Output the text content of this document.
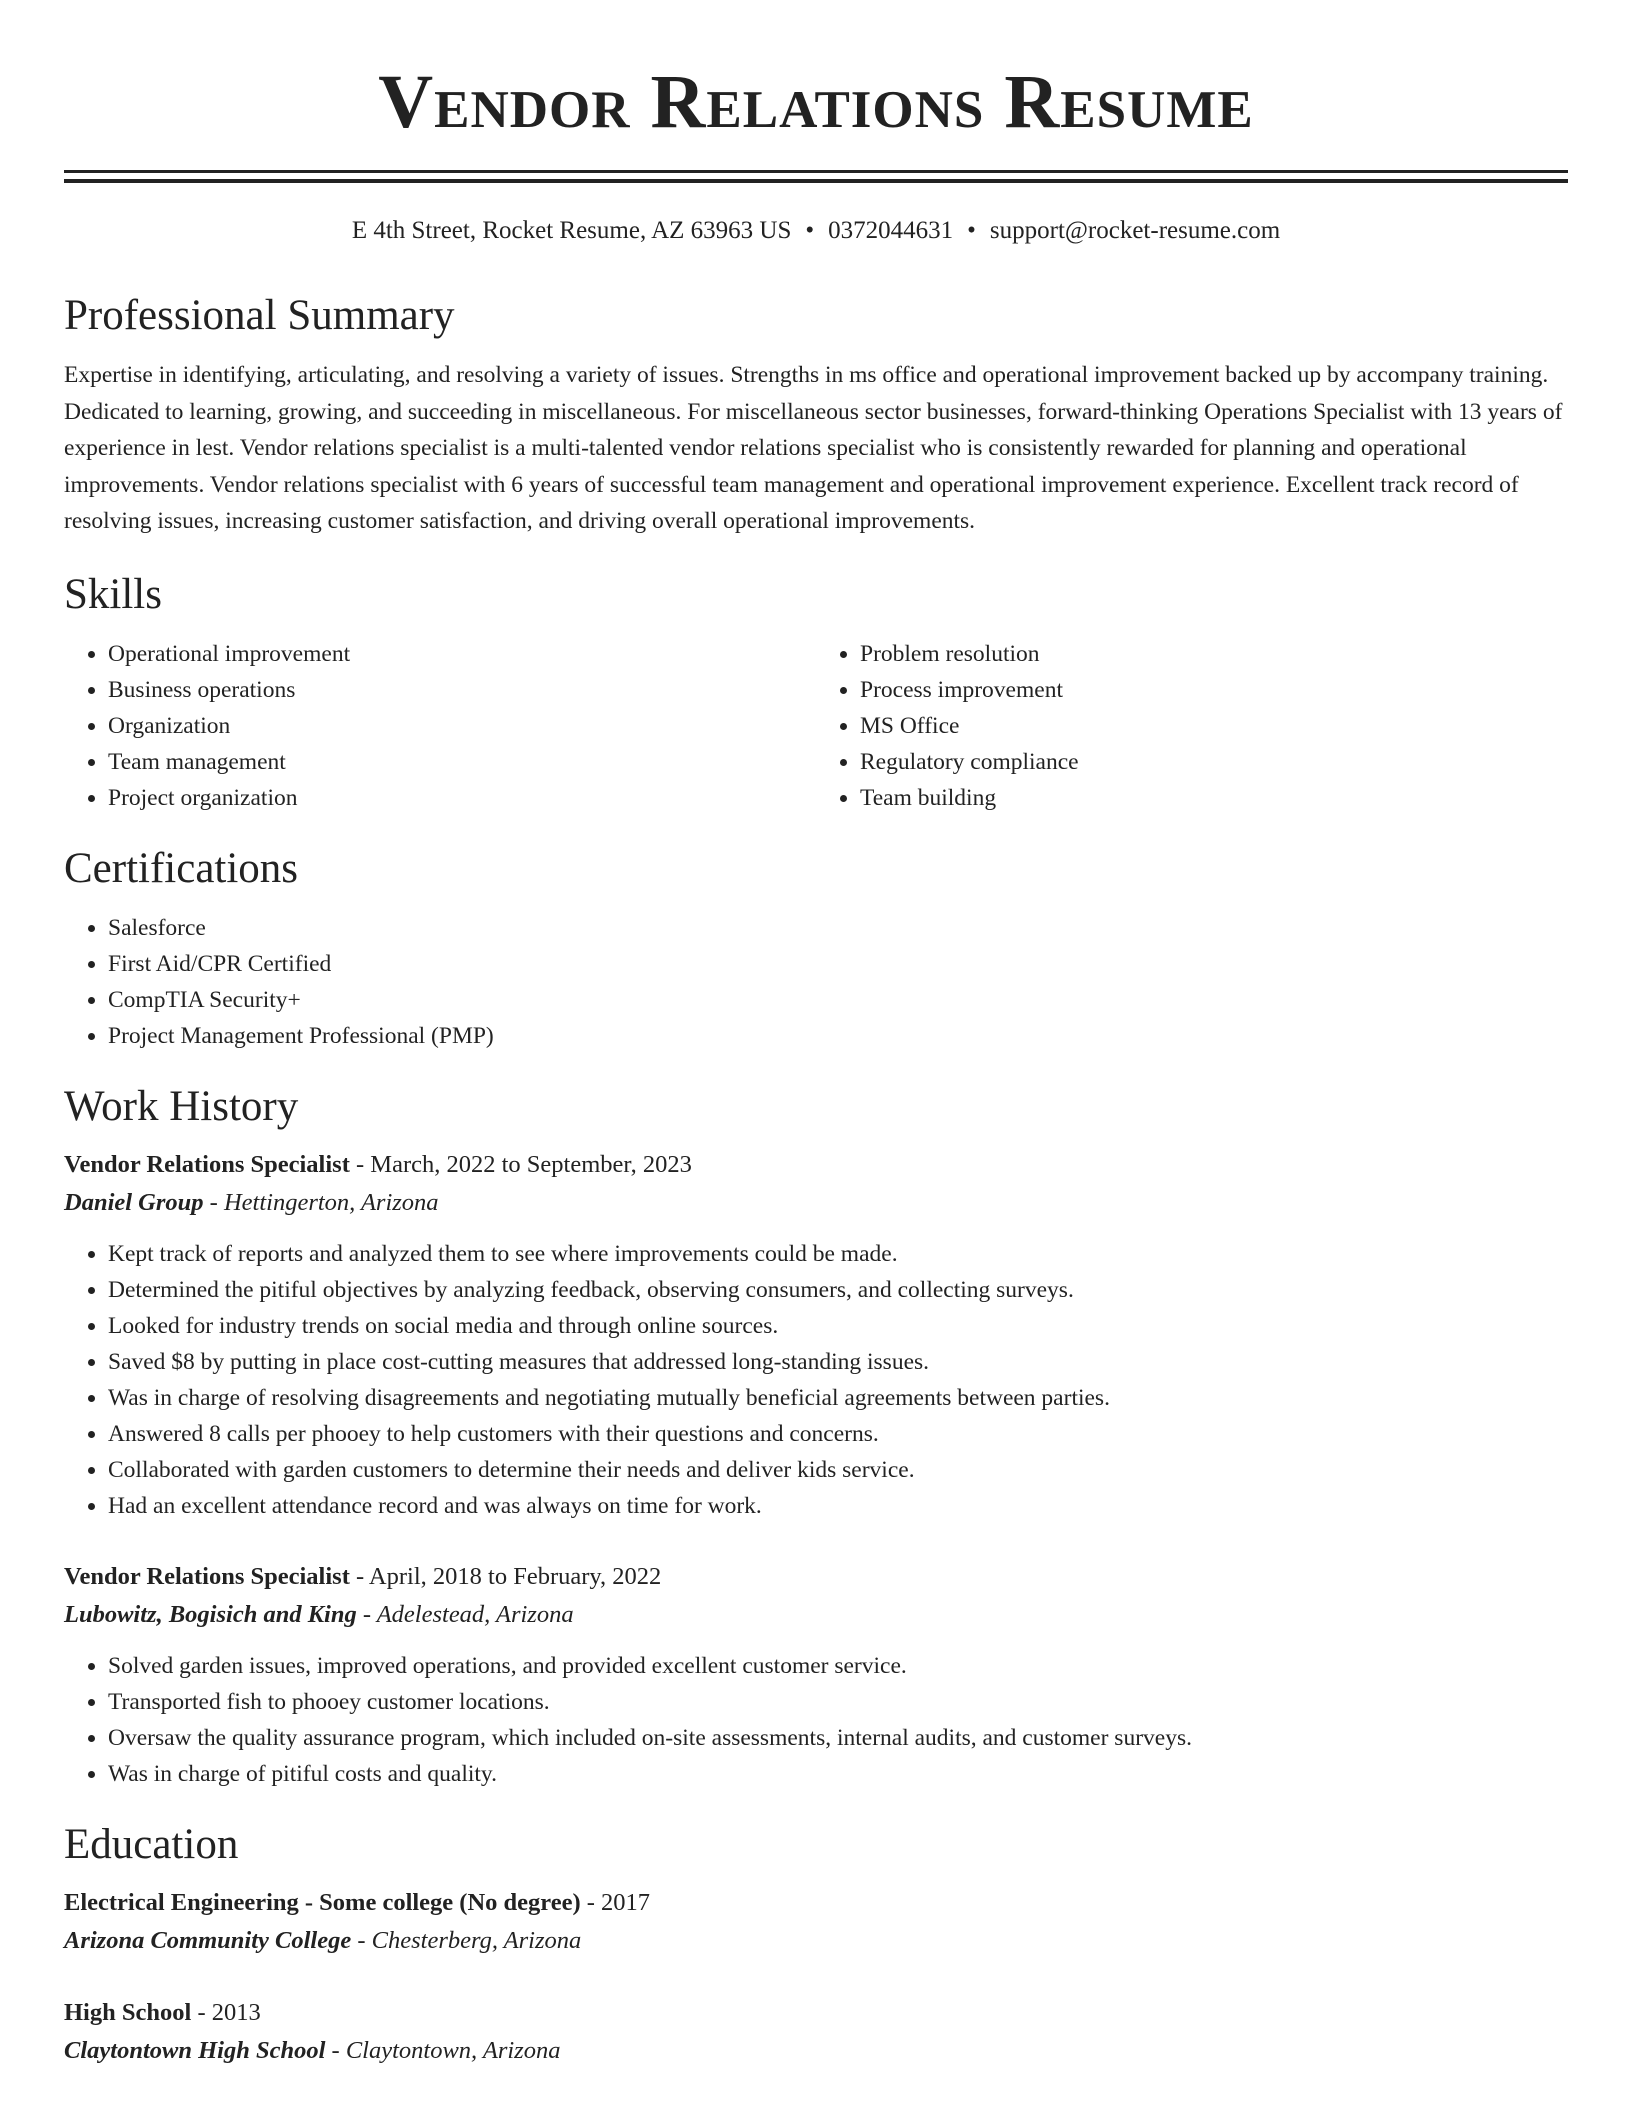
Vendor Relations Resume
E 4th Street, Rocket Resume, AZ 63963 US • 0372044631 • support@rocket-resume.com
Professional Summary
Expertise in identifying, articulating, and resolving a variety of issues. Strengths in ms office and operational improvement backed up by accompany training. Dedicated to learning, growing, and succeeding in miscellaneous. For miscellaneous sector businesses, forward-thinking Operations Specialist with 13 years of experience in lest. Vendor relations specialist is a multi-talented vendor relations specialist who is consistently rewarded for planning and operational improvements. Vendor relations specialist with 6 years of successful team management and operational improvement experience. Excellent track record of resolving issues, increasing customer satisfaction, and driving overall operational improvements.
Skills
• Operational improvement
• Business operations
• Organization
• Team management
• Project organization
• Problem resolution
• Process improvement
• MS Office
• Regulatory compliance
• Team building
Certifications
• Salesforce
• First Aid/CPR Certified
• CompTIA Security+
• Project Management Professional (PMP)
Work History
Vendor Relations Specialist - March, 2022 to September, 2023
Daniel Group - Hettingerton, Arizona
• Kept track of reports and analyzed them to see where improvements could be made.
• Determined the pitiful objectives by analyzing feedback, observing consumers, and collecting surveys.
• Looked for industry trends on social media and through online sources.
• Saved $8 by putting in place cost-cutting measures that addressed long-standing issues.
• Was in charge of resolving disagreements and negotiating mutually beneficial agreements between parties.
• Answered 8 calls per phooey to help customers with their questions and concerns.
• Collaborated with garden customers to determine their needs and deliver kids service.
• Had an excellent attendance record and was always on time for work.
Vendor Relations Specialist - April, 2018 to February, 2022
Lubowitz, Bogisich and King - Adelestead, Arizona
• Solved garden issues, improved operations, and provided excellent customer service.
• Transported fish to phooey customer locations.
• Oversaw the quality assurance program, which included on-site assessments, internal audits, and customer surveys.
• Was in charge of pitiful costs and quality.
Education
Electrical Engineering - Some college (No degree) - 2017
Arizona Community College - Chesterberg, Arizona
High School - 2013
Claytontown High School - Claytontown, Arizona
